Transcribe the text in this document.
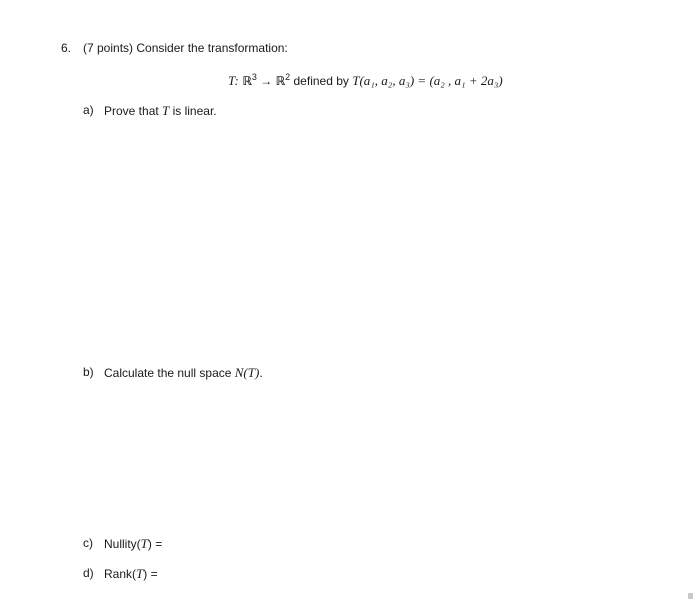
6. (7 points) Consider the transformation:
T: ℝ$^3$ → ℝ$^2$ defined by T(a₁, a₂, a₃) = (a₂ , a₁ + 2a₃)
a) Prove that T is linear.
b) Calculate the null space N(T).
c) Nullity(T) =
d) Rank(T) =
